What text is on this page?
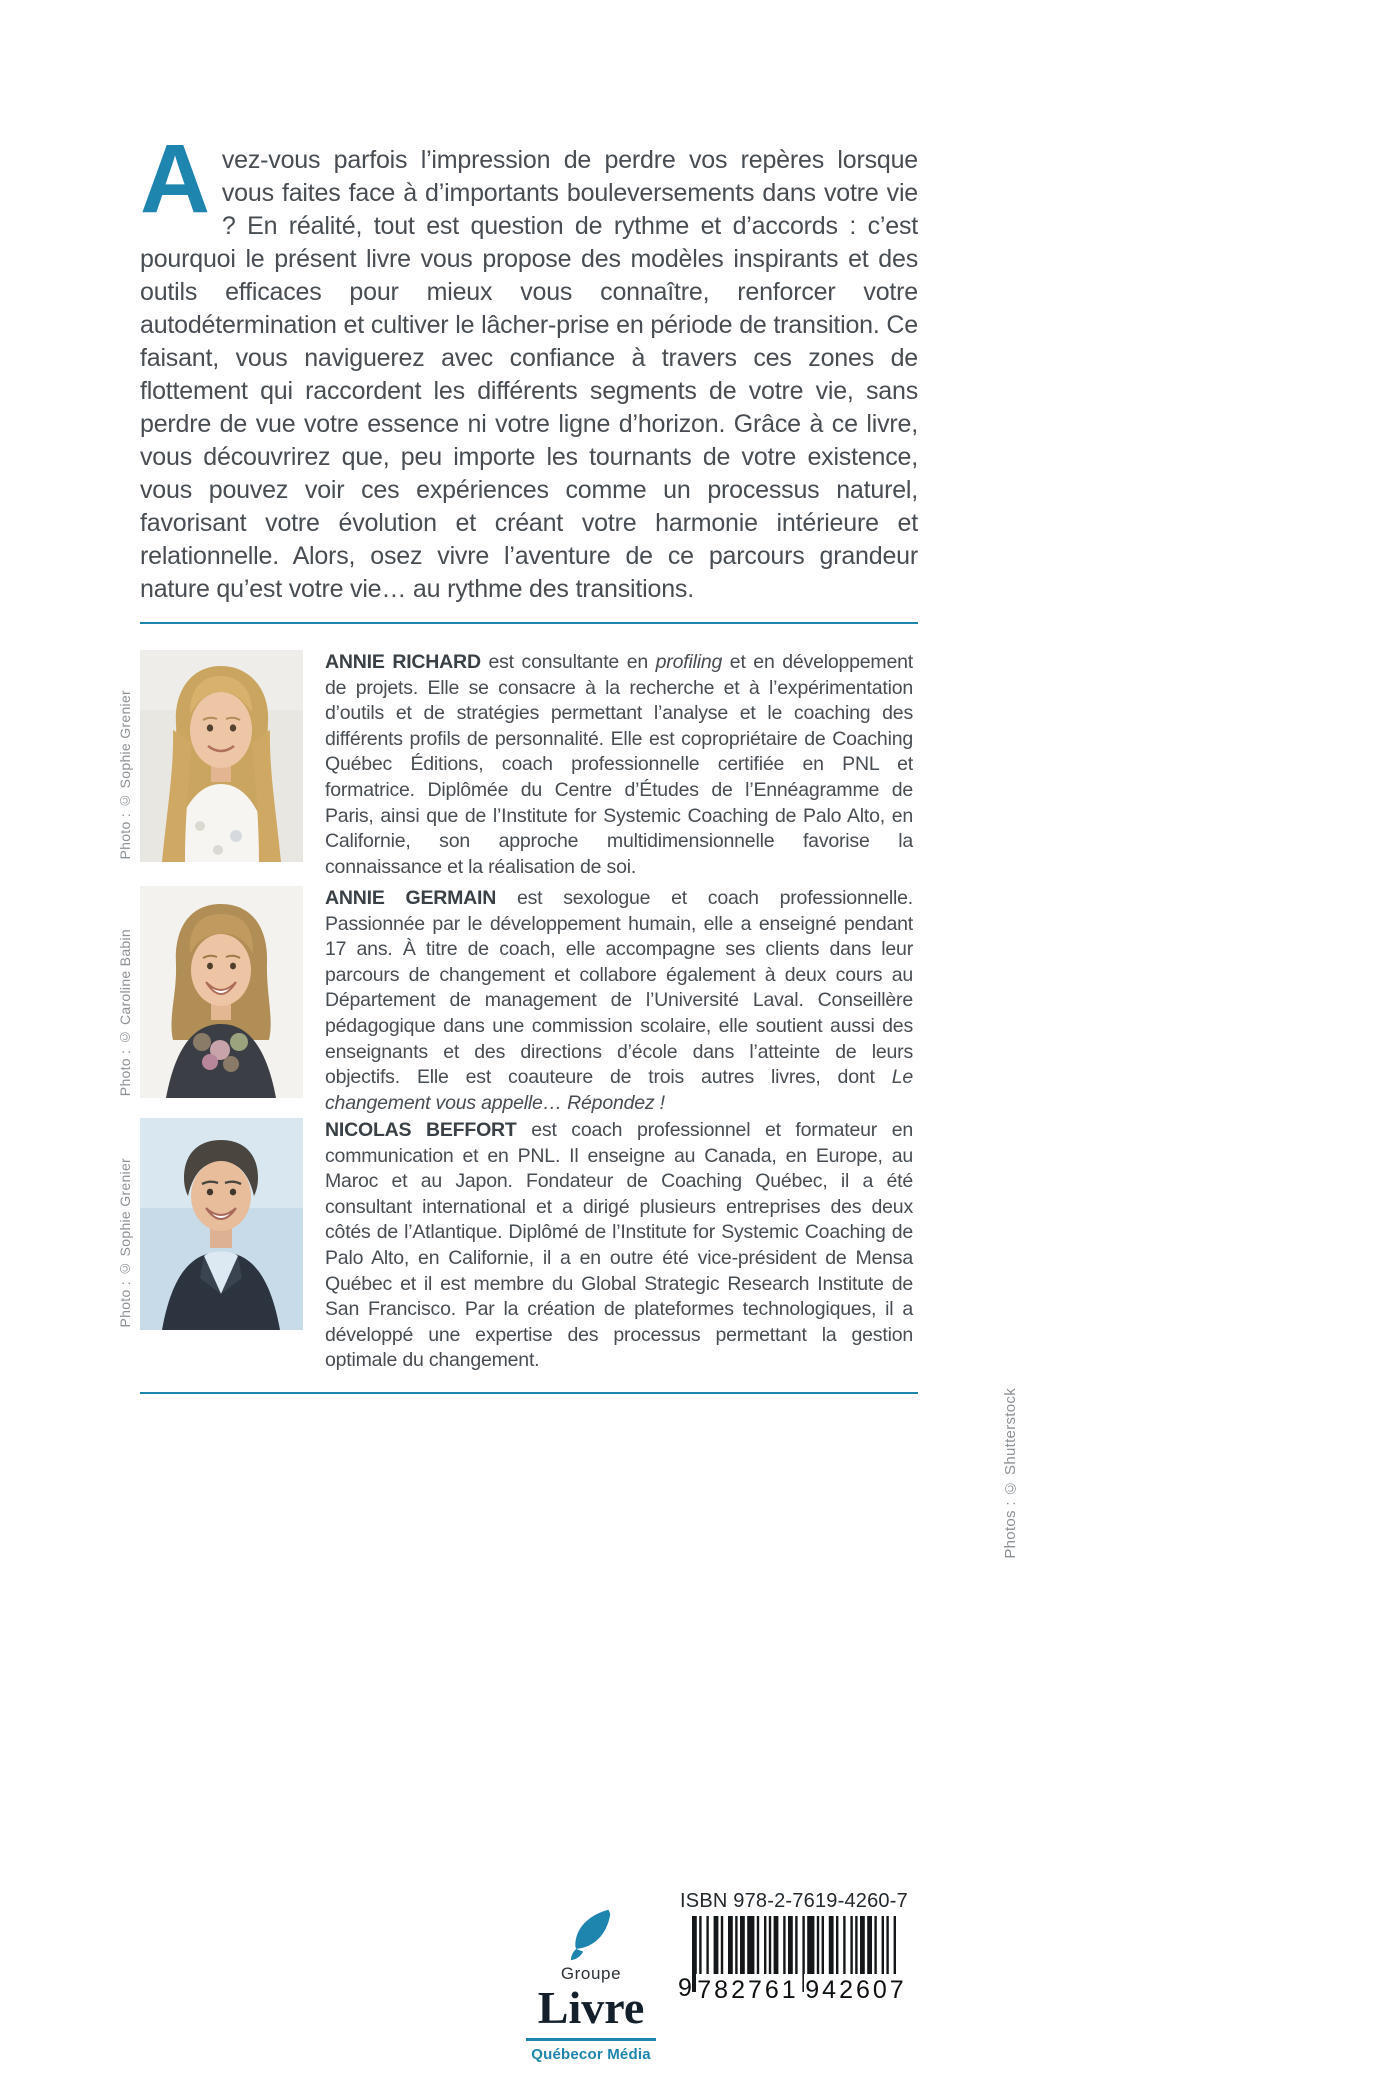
Avez-vous parfois l’impression de perdre vos repères lorsque vous faites face à d’importants bouleversements dans votre vie ? En réalité, tout est question de rythme et d’accords : c’est pourquoi le présent livre vous propose des modèles inspirants et des outils efficaces pour mieux vous connaître, renforcer votre autodétermination et cultiver le lâcher-prise en période de transition. Ce faisant, vous naviguerez avec confiance à travers ces zones de flottement qui raccordent les différents segments de votre vie, sans perdre de vue votre essence ni votre ligne d’horizon. Grâce à ce livre, vous découvrirez que, peu importe les tournants de votre existence, vous pouvez voir ces expériences comme un processus naturel, favorisant votre évolution et créant votre harmonie intérieure et relationnelle. Alors, osez vivre l’aventure de ce parcours grandeur nature qu’est votre vie… au rythme des transitions.

Photo : © Sophie Grenier

ANNIE RICHARD est consultante en profiling et en développement de projets. Elle se consacre à la recherche et à l’expérimentation d’outils et de stratégies permettant l’analyse et le coaching des différents profils de personnalité. Elle est copropriétaire de Coaching Québec Éditions, coach professionnelle certifiée en PNL et formatrice. Diplômée du Centre d’Études de l’Ennéagramme de Paris, ainsi que de l’Institute for Systemic Coaching de Palo Alto, en Californie, son approche multidimensionnelle favorise la connaissance et la réalisation de soi.

Photo : © Caroline Babin

ANNIE GERMAIN est sexologue et coach professionnelle. Passionnée par le développement humain, elle a enseigné pendant 17 ans. À titre de coach, elle accompagne ses clients dans leur parcours de changement et collabore également à deux cours au Département de management de l’Université Laval. Conseillère pédagogique dans une commission scolaire, elle soutient aussi des enseignants et des directions d’école dans l’atteinte de leurs objectifs. Elle est coauteure de trois autres livres, dont Le changement vous appelle… Répondez !

Photo : © Sophie Grenier

NICOLAS BEFFORT est coach professionnel et formateur en communication et en PNL. Il enseigne au Canada, en Europe, au Maroc et au Japon. Fondateur de Coaching Québec, il a été consultant international et a dirigé plusieurs entreprises des deux côtés de l’Atlantique. Diplômé de l’Institute for Systemic Coaching de Palo Alto, en Californie, il a en outre été vice-président de Mensa Québec et il est membre du Global Strategic Research Institute de San Francisco. Par la création de plateformes technologiques, il a développé une expertise des processus permettant la gestion optimale du changement.

Photos : © Shutterstock
Groupe
Livre
Québecor Média
ISBN 978-2-7619-4260-7
9 782761 942607
